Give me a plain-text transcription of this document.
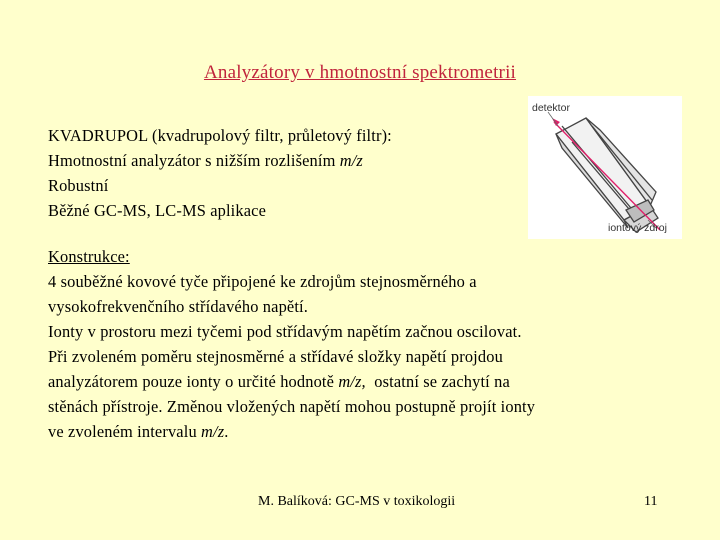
Analyzátory v hmotnostní spektrometrii
KVADRUPOL (kvadrupolový filtr, průletový filtr):
Hmotnostní analyzátor s nižším rozlišením m/z
Robustní
Běžné GC-MS, LC-MS aplikace
detektor
iontový zdroj
Konstrukce:
4 souběžné kovové tyče připojené ke zdrojům stejnosměrného a
vysokofrekvenčního střídavého napětí.
Ionty v prostoru mezi tyčemi pod střídavým napětím začnou oscilovat.
Při zvoleném poměru stejnosměrné a střídavé složky napětí projdou
analyzátorem pouze ionty o určité hodnotě m/z,  ostatní se zachytí na
stěnách přístroje. Změnou vložených napětí mohou postupně projít ionty
ve zvoleném intervalu m/z.
M. Balíková: GC-MS v toxikologii	11
